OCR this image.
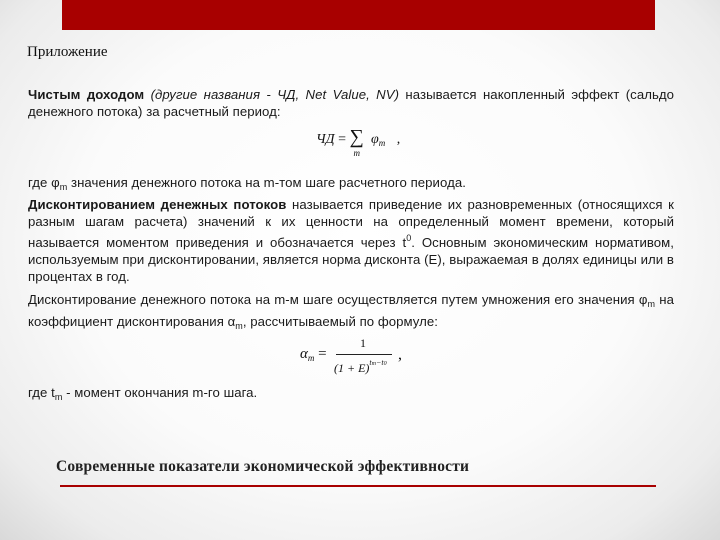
Приложение
Чистым доходом (другие названия - ЧД, Net Value, NV) называется накопленный эффект (сальдо денежного потока) за расчетный период:
ЧД = ∑
m
$\varphi_m$ ,
где $\varphi_m$ значения денежного потока на m-том шаге расчетного периода.
Дисконтированием денежных потоков называется приведение их разновременных (относящихся к разным шагам расчета) значений к их ценности на определенный момент времени, который называется моментом приведения и обозначается через $t^0$. Основным экономическим нормативом, используемым при дисконтировании, является норма дисконта (Е), выражаемая в долях единицы или в процентах в год.
Дисконтирование денежного потока на m-м шаге осуществляется путем умножения его значения $\varphi_m$ на коэффициент дисконтирования $\alpha_m$, рассчитываемый по формуле:
$\alpha_m$ =
1
$(1 + E)^{tm-t0}$
,
где $t_m$ - момент окончания m-го шага.
Современные показатели экономической эффективности
